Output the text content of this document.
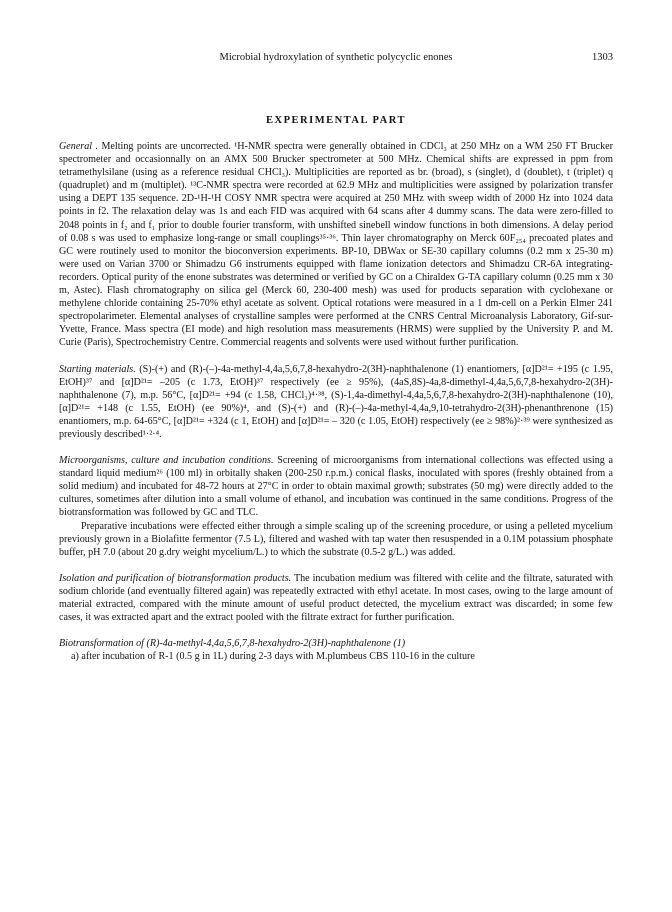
Microbial hydroxylation of synthetic polycyclic enones	1303
EXPERIMENTAL PART

General . Melting points are uncorrected. ¹H-NMR spectra were generally obtained in CDCl₃ at 250 MHz on a WM 250 FT Brucker spectrometer and occasionnally on an AMX 500 Brucker spectrometer at 500 MHz. Chemical shifts are expressed in ppm from tetramethylsilane (using as a reference residual CHCl₃). Multiplicities are reported as br. (broad), s (singlet), d (doublet), t (triplet) q (quadruplet) and m (multiplet). ¹³C-NMR spectra were recorded at 62.9 MHz and multiplicities were assigned by polarization transfer using a DEPT 135 sequence. 2D-¹H-¹H COSY NMR spectra were acquired at 250 MHz with sweep width of 2000 Hz into 1024 data points in f2. The relaxation delay was 1s and each FID was acquired with 64 scans after 4 dummy scans. The data were zero-filled to 2048 points in f₂ and f₁ prior to double fourier transform, with unshifted sinebell window functions in both dimensions. A delay period of 0.08 s was used to emphasize long-range or small couplings³⁵·³⁶. Thin layer chromatography on Merck 60F₂₅₄ precoated plates and GC were routinely used to monitor the bioconversion experiments. BP-10, DBWax or SE-30 capillary columns (0.2 mm x 25-30 m) were used on Varian 3700 or Shimadzu G6 instruments equipped with flame ionization detectors and Shimadzu CR-6A integrating-recorders. Optical purity of the enone substrates was determined or verified by GC on a Chiraldex G-TA capillary column (0.25 mm x 30 m, Astec). Flash chromatography on silica gel (Merck 60, 230-400 mesh) was used for products separation with cyclohexane or methylene chloride containing 25-70% ethyl acetate as solvent. Optical rotations were measured in a 1 dm-cell on a Perkin Elmer 241 spectropolarimeter. Elemental analyses of crystalline samples were performed at the CNRS Central Microanalysis Laboratory, Gif-sur-Yvette, France. Mass spectra (EI mode) and high resolution mass measurements (HRMS) were supplied by the University P. and M. Curie (Paris), Spectrochemistry Centre. Commercial reagents and solvents were used without further purification.

Starting materials. (S)-(+) and (R)-(–)-4a-methyl-4,4a,5,6,7,8-hexahydro-2(3H)-naphthalenone (1) enantiomers, [α]D²¹= +195 (c 1.95, EtOH)³⁷ and [α]D²¹= –205 (c 1.73, EtOH)³⁷ respectively (ee ≥ 95%), (4aS,8S)-4a,8-dimethyl-4,4a,5,6,7,8-hexahydro-2(3H)-naphthalenone (7), m.p. 56°C, [α]D²¹= +94 (c 1.58, CHCl₃)⁴·³⁸, (S)-1,4a-dimethyl-4,4a,5,6,7,8-hexahydro-2(3H)-naphthalenone (10), [α]D²¹= +148 (c 1.55, EtOH) (ee 90%)⁴, and (S)-(+) and (R)-(–)-4a-methyl-4,4a,9,10-tetrahydro-2(3H)-phenanthrenone (15) enantiomers, m.p. 64-65°C, [α]D²¹= +324 (c 1, EtOH) and [α]D²¹= – 320 (c 1.05, EtOH) respectively (ee ≥ 98%)²·³⁹ were synthesized as previously described¹·²·⁴.

Microorganisms, culture and incubation conditions. Screening of microorganisms from international collections was effected using a standard liquid medium²⁶ (100 ml) in orbitally shaken (200-250 r.p.m.) conical flasks, inoculated with spores (freshly obtained from a solid medium) and incubated for 48-72 hours at 27°C in order to obtain maximal growth; substrates (50 mg) were directly added to the cultures, sometimes after dilution into a small volume of ethanol, and incubation was continued in the same conditions. Progress of the biotransformation was followed by GC and TLC.

Preparative incubations were effected either through a simple scaling up of the screening procedure, or using a pelleted mycelium previously grown in a Biolafitte fermentor (7.5 L), filtered and washed with tap water then resuspended in a 0.1M potassium phosphate buffer, pH 7.0 (about 20 g.dry weight mycelium/L.) to which the substrate (0.5-2 g/L.) was added.

Isolation and purification of biotransformation products. The incubation medium was filtered with celite and the filtrate, saturated with sodium chloride (and eventually filtered again) was repeatedly extracted with ethyl acetate. In most cases, owing to the large amount of material extracted, compared with the minute amount of useful product detected, the mycelium extract was discarded; in some few cases, it was extracted apart and the extract pooled with the filtrate extract for further purification.

Biotransformation of (R)-4a-methyl-4,4a,5,6,7,8-hexahydro-2(3H)-naphthalenone (1)

a) after incubation of R-1 (0.5 g in 1L) during 2-3 days with M.plumbeus CBS 110-16 in the culture
